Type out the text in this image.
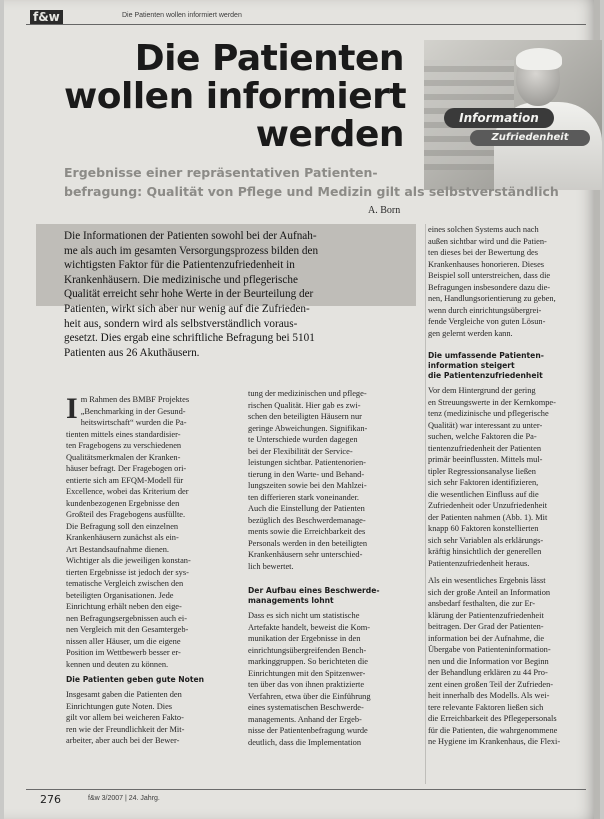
f&w	Die Patienten wollen informiert werden
Die Patienten
wollen informiert
werden	Information
Zufriedenheit
Ergebnisse einer repräsentativen Patienten-
befragung: Qualität von Pflege und Medizin gilt als selbstverständlich
A. Born
Die Informationen der Patienten sowohl bei der Aufnah-
me als auch im gesamten Versorgungsprozess bilden den
wichtigsten Faktor für die Patientenzufriedenheit in
Krankenhäusern. Die medizinische und pflegerische
Qualität erreicht sehr hohe Werte in der Beurteilung der
Patienten, wirkt sich aber nur wenig auf die Zufrieden-
heit aus, sondern wird als selbstverständlich voraus-
gesetzt. Dies ergab eine schriftliche Befragung bei 5101
Patienten aus 26 Akuthäusern.
I m Rahmen des BMBF Projektes
„Benchmarking in der Gesund-
heitswirtschaft“ wurden die Pa-
tienten mittels eines standardisier-
ten Fragebogens zu verschiedenen
Qualitätsmerkmalen der Kranken-
häuser befragt. Der Fragebogen ori-
entierte sich am EFQM-Modell für
Excellence, wobei das Kriterium der
kundenbezogenen Ergebnisse den
Großteil des Fragebogens ausfüllte.
Die Befragung soll den einzelnen
Krankenhäusern zunächst als ein-
Art Bestandsaufnahme dienen.
Wichtiger als die jeweiligen konstan-
tierten Ergebnisse ist jedoch der sys-
tematische Vergleich zwischen den
beteiligten Organisationen. Jede
Einrichtung erhält neben den eige-
nen Befragungsergebnissen auch ei-
nen Vergleich mit den Gesamtergeb-
nissen aller Häuser, um die eigene
Position im Wettbewerb besser er-
kennen und deuten zu können.
Die Patienten geben gute Noten
Insgesamt gaben die Patienten den
Einrichtungen gute Noten. Dies
gilt vor allem bei weicheren Fakto-
ren wie der Freundlichkeit der Mit-
arbeiter, aber auch bei der Bewer-
tung der medizinischen und pflege-
rischen Qualität. Hier gab es zwi-
schen den beteiligten Häusern nur
geringe Abweichungen. Signifikan-
te Unterschiede wurden dagegen
bei der Flexibilität der Service-
leistungen sichtbar. Patientenorien-
tierung in den Warte- und Behand-
lungszeiten sowie bei den Mahlzei-
ten differieren stark voneinander.
Auch die Einstellung der Patienten
bezüglich des Beschwerdemanage-
ments sowie die Erreichbarkeit des
Personals werden in den beteiligten
Krankenhäusern sehr unterschied-
lich bewertet.
Der Aufbau eines Beschwerde-
managements lohnt
Dass es sich nicht um statistische
Artefakte handelt, beweist die Kom-
munikation der Ergebnisse in den
einrichtungsübergreifenden Bench-
markinggruppen. So berichteten die
Einrichtungen mit den Spitzenwer-
ten über das von ihnen praktizierte
Verfahren, etwa über die Einführung
eines systematischen Beschwerde-
managements. Anhand der Ergeb-
nisse der Patientenbefragung wurde
deutlich, dass die Implementation
eines solchen Systems auch nach
außen sichtbar wird und die Patien-
ten dieses bei der Bewertung des
Krankenhauses honorieren. Dieses
Beispiel soll unterstreichen, dass die
Befragungen insbesondere dazu die-
nen, Handlungsorientierung zu geben,
wenn durch einrichtungsübergrei-
fende Vergleiche von guten Lösun-
gen gelernt werden kann.
Die umfassende Patienten-
information steigert
die Patientenzufriedenheit
Vor dem Hintergrund der gering
en Streuungswerte in der Kernkompe-
tenz (medizinische und pflegerische
Qualität) war interessant zu unter-
suchen, welche Faktoren die Pa-
tientenzufriedenheit der Patienten
primär beeinflussten. Mittels mul-
tipler Regressionsanalyse ließen
sich sehr Faktoren identifizieren,
die wesentlichen Einfluss auf die
Zufriedenheit oder Unzufriedenheit
der Patienten nahmen (Abb. 1). Mit
knapp 60 Faktoren konstellierten
sich sehr Variablen als erklärungs-
kräftig hinsichtlich der generellen
Patientenzufriedenheit heraus.
Als ein wesentliches Ergebnis lässt
sich der große Anteil an Information
ansbedarf festhalten, die zur Er-
klärung der Patientenzufriedenheit
beitragen. Der Grad der Patienten-
information bei der Aufnahme, die
Übergabe von Patienteninformation-
nen und die Information vor Beginn
der Behandlung erklären zu 44 Pro-
zent einen großen Teil der Zufrieden-
heit innerhalb des Modells. Als wei-
tere relevante Faktoren ließen sich
die Erreichbarkeit des Pflegepersonals
für die Patienten, die wahrgenommene
ne Hygiene im Krankenhaus, die Flexi-
276	f&w 3/2007 | 24. Jahrg.
